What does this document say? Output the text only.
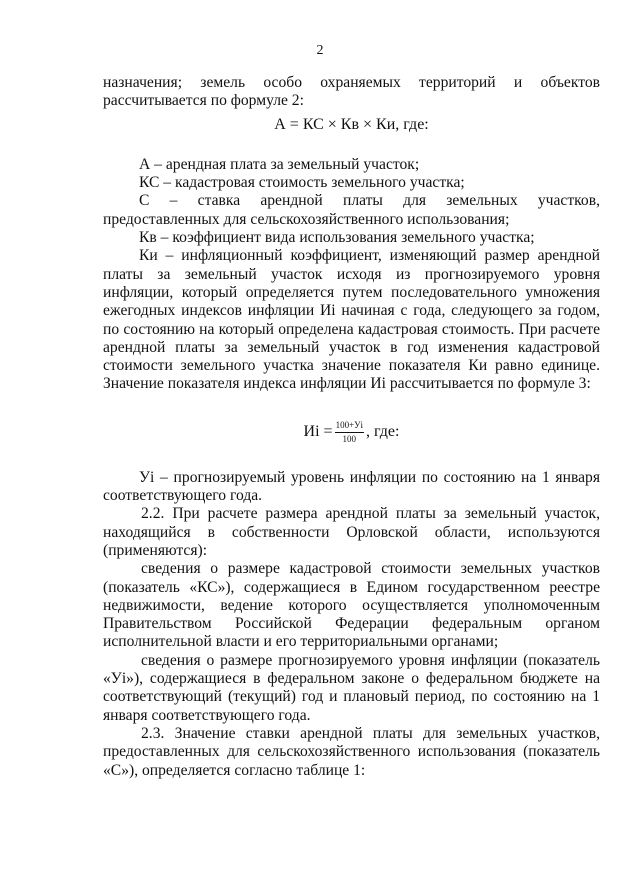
2

назначения; земель особо охраняемых территорий и объектов рассчитывается по формуле 2:

А = КС × Кв × Ки, где:

А – арендная плата за земельный участок;

КС – кадастровая стоимость земельного участка;

С – ставка арендной платы для земельных участков, предоставленных для сельскохозяйственного использования;

Кв – коэффициент вида использования земельного участка;

Ки – инфляционный коэффициент, изменяющий размер арендной платы за земельный участок исходя из прогнозируемого уровня инфляции, который определяется путем последовательного умножения ежегодных индексов инфляции Иi начиная с года, следующего за годом, по состоянию на который определена кадастровая стоимость. При расчете арендной платы за земельный участок в год изменения кадастровой стоимости земельного участка значение показателя Ки равно единице. Значение показателя индекса инфляции Иi рассчитывается по формуле 3:

Иi = $\frac{100+Уi}{100}$ , где:

Уi – прогнозируемый уровень инфляции по состоянию на 1 января соответствующего года.

2.2. При расчете размера арендной платы за земельный участок, находящийся в собственности Орловской области, используются (применяются):

сведения о размере кадастровой стоимости земельных участков (показатель «КС»), содержащиеся в Едином государственном реестре недвижимости, ведение которого осуществляется уполномоченным Правительством Российской Федерации федеральным органом исполнительной власти и его территориальными органами;

сведения о размере прогнозируемого уровня инфляции (показатель «Уi»), содержащиеся в федеральном законе о федеральном бюджете на соответствующий (текущий) год и плановый период, по состоянию на 1 января соответствующего года.

2.3. Значение ставки арендной платы для земельных участков, предоставленных для сельскохозяйственного использования (показатель «С»), определяется согласно таблице 1:
